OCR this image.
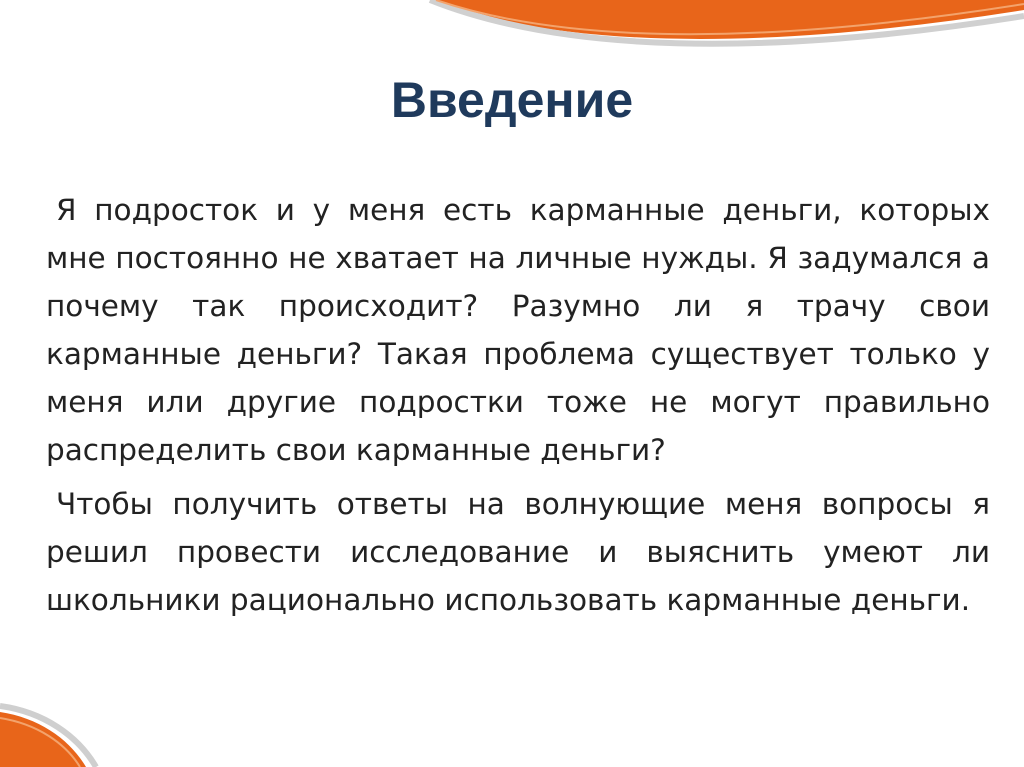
Введение

Я подросток и у меня есть карманные деньги, которых мне постоянно не хватает на личные нужды. Я задумался а почему так происходит? Разумно ли я трачу свои карманные деньги? Такая проблема существует только у меня или другие подростки тоже не могут правильно распределить свои карманные деньги?

Чтобы получить ответы на волнующие меня вопросы я решил провести исследование и выяснить умеют ли школьники рационально использовать карманные деньги.
